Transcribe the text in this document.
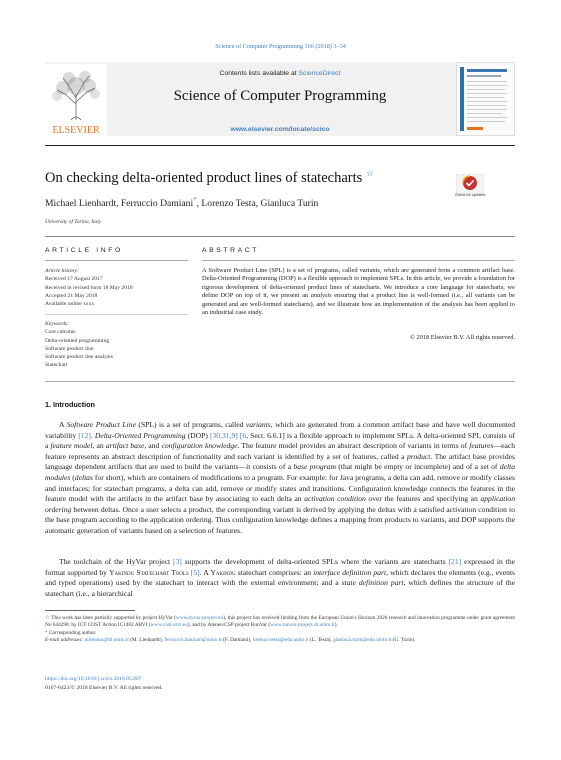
Science of Computer Programming 166 (2018) 3–34
ELSEVIER
Contents lists available at ScienceDirect
Science of Computer Programming
www.elsevier.com/locate/scico
On checking delta-oriented product lines of statecharts ☆
Check for updates
Michael Lienhardt, Ferruccio Damiani*, Lorenzo Testa, Gianluca Turin
University of Torino, Italy
ARTICLE INFO
Article history:
Received 17 August 2017
Received in revised form 18 May 2018
Accepted 21 May 2018
Available online xxxx
Keywords:
Core calculus
Delta-oriented programming
Software product line
Software product line analysis
Statechart
ABSTRACT
A Software Product Line (SPL) is a set of programs, called variants, which are generated from a common artifact base. Delta-Oriented Programming (DOP) is a flexible approach to implement SPLs. In this article, we provide a foundation for rigorous development of delta-oriented product lines of statecharts. We introduce a core language for statecharts, we define DOP on top of it, we present an analysis ensuring that a product line is well-formed (i.e., all variants can be generated and are well-formed statecharts), and we illustrate how an implementation of the analysis has been applied to an industrial case study.
© 2018 Elsevier B.V. All rights reserved.
1. Introduction

A Software Product Line (SPL) is a set of programs, called variants, which are generated from a common artifact base and have well documented variability [12]. Delta-Oriented Programming (DOP) [30,31,9] [6, Sect. 6.6.1] is a flexible approach to implement SPLs. A delta-oriented SPL consists of a feature model, an artifact base, and configuration knowledge. The feature model provides an abstract description of variants in terms of features—each feature represents an abstract description of functionality and each variant is identified by a set of features, called a product. The artifact base provides language dependent artifacts that are used to build the variants—it consists of a base program (that might be empty or incomplete) and of a set of delta modules (deltas for short), which are containers of modifications to a program. For example: for Java programs, a delta can add, remove or modify classes and interfaces; for statechart programs, a delta can add, remove or modify states and transitions. Configuration knowledge connects the features in the feature model with the artifacts in the artifact base by associating to each delta an activation condition over the features and specifying an application ordering between deltas. Once a user selects a product, the corresponding variant is derived by applying the deltas with a satisfied activation condition to the base program according to the application ordering. Thus configuration knowledge defines a mapping from products to variants, and DOP supports the automatic generation of variants based on a selection of features.

The toolchain of the HyVar project [3] supports the development of delta-oriented SPLs where the variants are statecharts [21] expressed in the format supported by Yakindu Statechart Tools [5]. A Yakindu statechart comprises: an interface definition part, which declares the elements (e.g., events and typed operations) used by the statechart to interact with the external environment; and a state definition part, which defines the structure of the statechart (i.e., a hierarchical

☆ This work has been partially supported by project HyVar (www.hyvar-project.eu), this project has received funding from the European Union's Horizon 2020 research and innovation programme under grant agreement No 644298, by ICT COST Action IC1402 ARVI (www.cost-arvi.eu), and by Ateneo/CSP project RunVar (www.runvar-project.di.unito.it).
* Corresponding author.
E-mail addresses: mlienhar@di.unito.it (M. Lienhardt), ferruccio.damiani@unito.it (F. Damiani), lorenzo.testa@edu.unito.it (L. Testa), gianluca.turin@edu.unito.it (G. Turin).
https://doi.org/10.1016/j.scico.2018.05.007
0167-6423/© 2018 Elsevier B.V. All rights reserved.
